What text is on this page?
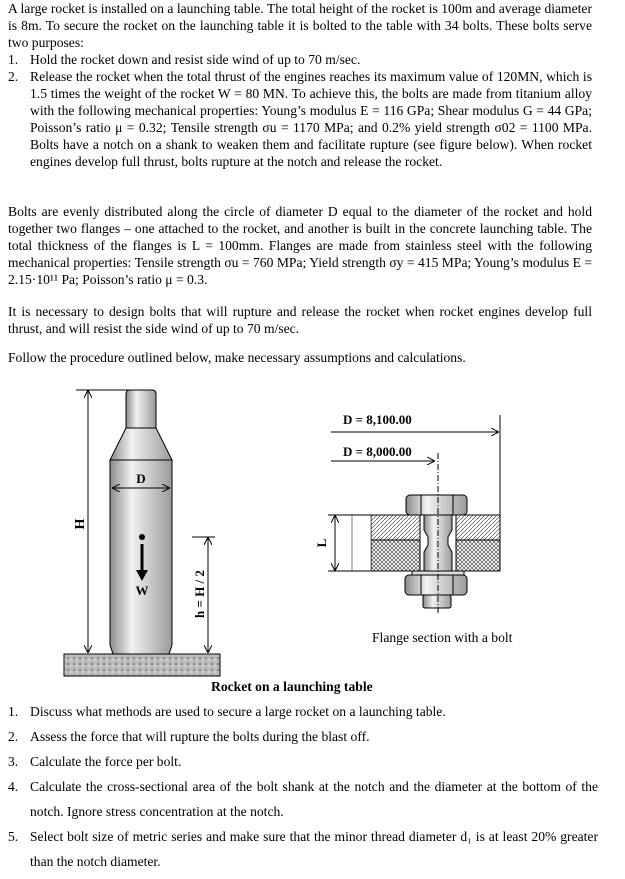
A large rocket is installed on a launching table. The total height of the rocket is 100m and average diameter is 8m. To secure the rocket on the launching table it is bolted to the table with 34 bolts. These bolts serve two purposes:

1. Hold the rocket down and resist side wind of up to 70 m/sec.

2. Release the rocket when the total thrust of the engines reaches its maximum value of 120MN, which is 1.5 times the weight of the rocket W = 80 MN. To achieve this, the bolts are made from titanium alloy with the following mechanical properties: Young’s modulus E = 116 GPa; Shear modulus G = 44 GPa; Poisson’s ratio μ = 0.32; Tensile strength σu = 1170 MPa; and 0.2% yield strength σ02 = 1100 MPa. Bolts have a notch on a shank to weaken them and facilitate rupture (see figure below). When rocket engines develop full thrust, bolts rupture at the notch and release the rocket.

Bolts are evenly distributed along the circle of diameter D equal to the diameter of the rocket and hold together two flanges – one attached to the rocket, and another is built in the concrete launching table. The total thickness of the flanges is L = 100mm. Flanges are made from stainless steel with the following mechanical properties: Tensile strength σu = 760 MPa; Yield strength σy = 415 MPa; Young’s modulus E = 2.15·10¹¹ Pa; Poisson’s ratio μ = 0.3.

It is necessary to design bolts that will rupture and release the rocket when rocket engines develop full thrust, and will resist the side wind of up to 70 m/sec.

Follow the procedure outlined below, make necessary assumptions and calculations.

H
D
W	h = H / 2
D = 8,100.00
D = 8,000.00
L
Flange section with a bolt
Rocket on a launching table
1. Discuss what methods are used to secure a large rocket on a launching table.

2. Assess the force that will rupture the bolts during the blast off.

3. Calculate the force per bolt.

4. Calculate the cross-sectional area of the bolt shank at the notch and the diameter at the bottom of the notch. Ignore stress concentration at the notch.

5. Select bolt size of metric series and make sure that the minor thread diameter d₁ is at least 20% greater than the notch diameter.
